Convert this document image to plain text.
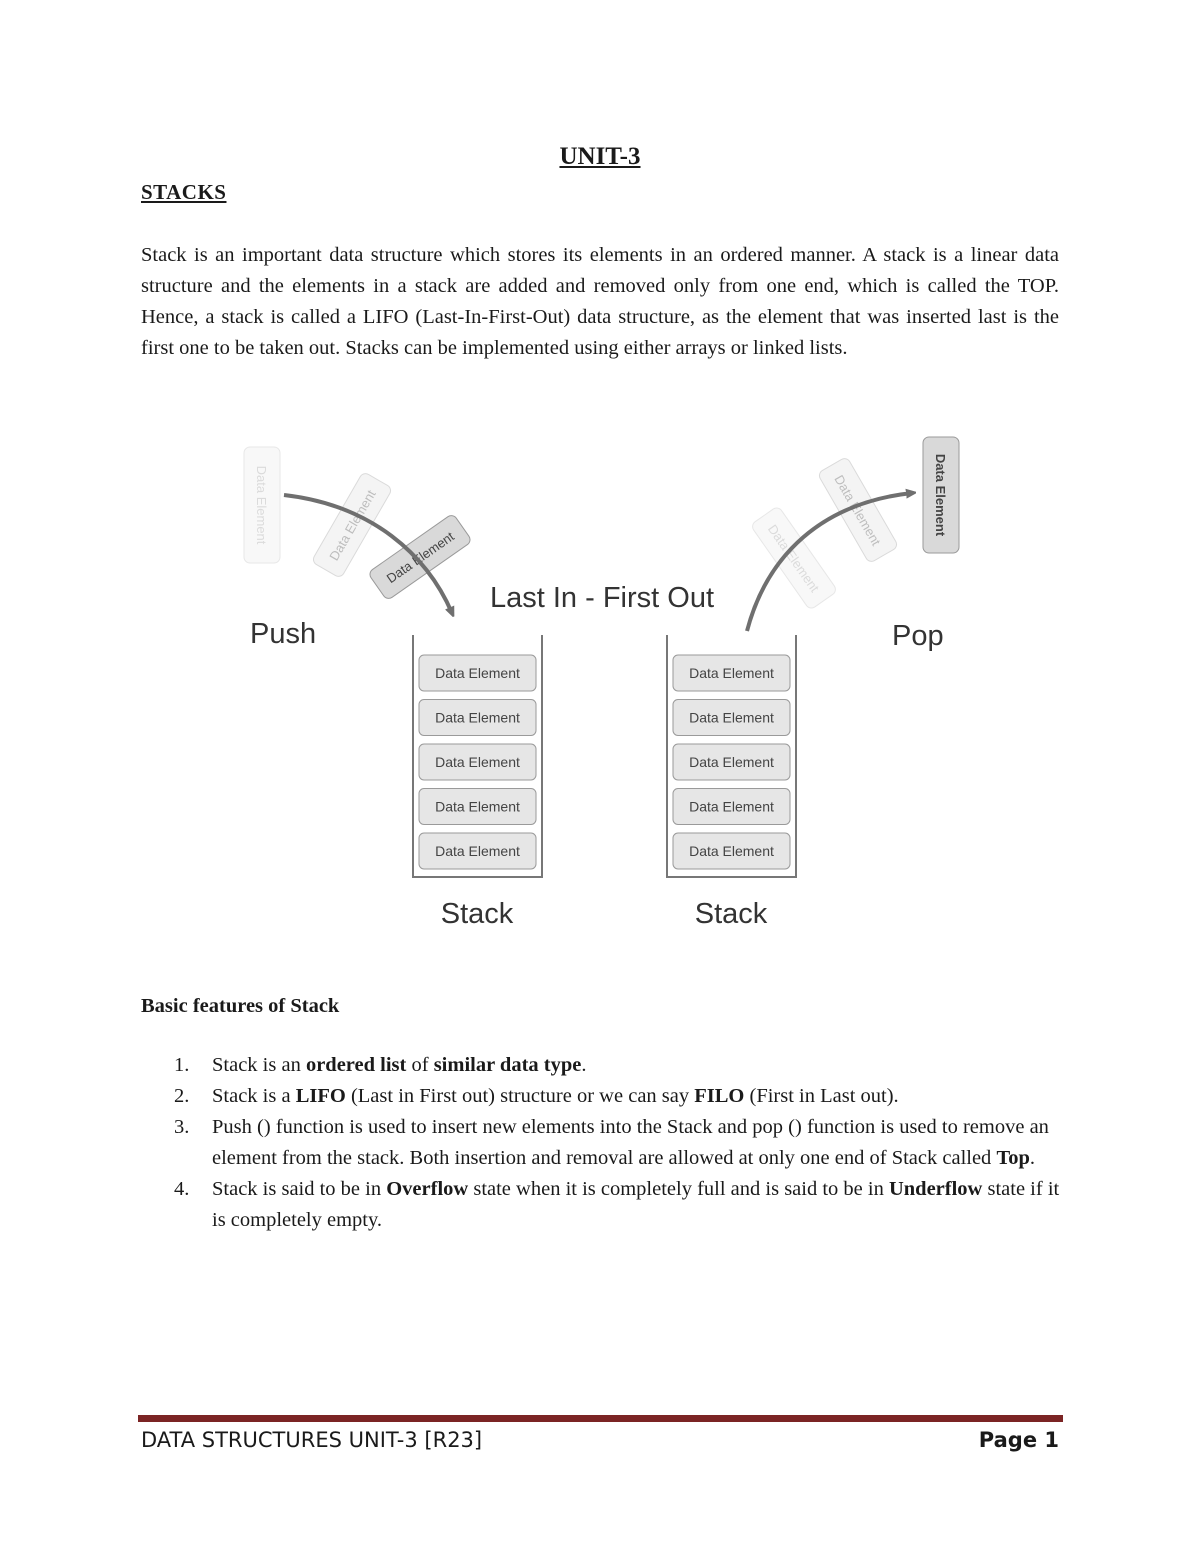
UNIT-3
STACKS

Stack is an important data structure which stores its elements in an ordered manner. A stack is a linear data structure and the elements in a stack are added and removed only from one end, which is called the TOP. Hence, a stack is called a LIFO (Last-In-First-Out) data structure, as the element that was inserted last is the first one to be taken out. Stacks can be implemented using either arrays or linked lists.

Data Element	Data Element Data Element
Last In - First Out
Push	Pop
Data Element
Data Element
Data Element
Data Element
Data Element
Stack
Data Element
Data Element
Data Element
Data Element
Data Element
Stack
Data Element
Data Element	Data Element
Basic features of Stack
1. Stack is an ordered list of similar data type.
2. Stack is a LIFO (Last in First out) structure or we can say FILO (First in Last out).
3. Push () function is used to insert new elements into the Stack and pop () function is used to remove an element from the stack. Both insertion and removal are allowed at only one end of Stack called Top.
4. Stack is said to be in Overflow state when it is completely full and is said to be in Underflow state if it is completely empty.
DATA STRUCTURES UNIT-3 [R23]	Page 1
